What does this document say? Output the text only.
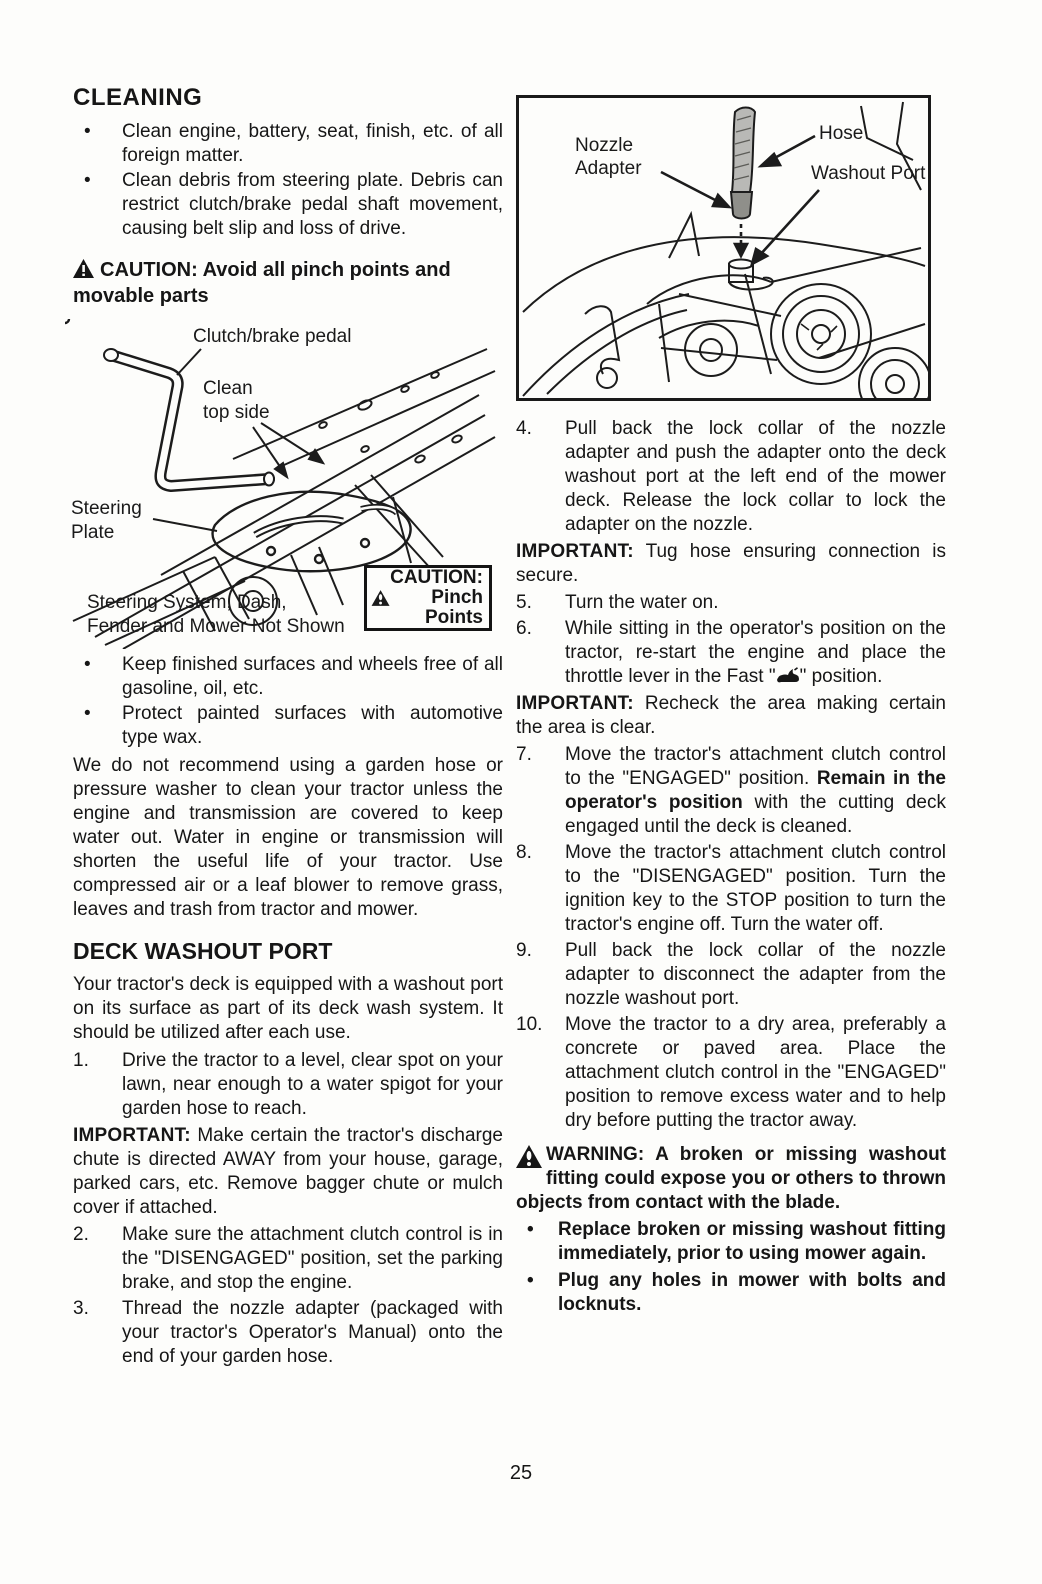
CLEANING
•	Clean engine, battery, seat, finish, etc. of all foreign matter.
•	Clean debris from steering plate. Debris can restrict clutch/brake pedal shaft movement, causing belt slip and loss of drive.
CAUTION: Avoid all pinch points and movable parts
Clutch/brake pedal
Clean top side
Steering Plate
Steering System, Dash,
Fender and Mower Not Shown
CAUTION:
Pinch
Points
•	Keep finished surfaces and wheels free of all gasoline, oil, etc.
•	Protect painted surfaces with automotive type wax.
We do not recommend using a garden hose or pressure washer to clean your tractor unless the engine and transmission are covered to keep water out. Water in engine or transmission will shorten the useful life of your tractor. Use compressed air or a leaf blower to remove grass, leaves and trash from tractor and mower.
DECK WASHOUT PORT
Your tractor's deck is equipped with a washout port on its surface as part of its deck wash system. It should be utilized after each use.
1.	Drive the tractor to a level, clear spot on your lawn, near enough to a water spigot for your garden hose to reach.
IMPORTANT: Make certain the tractor's discharge chute is directed AWAY from your house, garage, parked cars, etc. Remove bagger chute or mulch cover if attached.
2.	Make sure the attachment clutch control is in the "DISENGAGED" position, set the parking brake, and stop the engine.
3.	Thread the nozzle adapter (packaged with your tractor's Operator's Manual) onto the end of your garden hose.
Nozzle Adapter
Hose
Washout Port
4.	Pull back the lock collar of the nozzle adapter and push the adapter onto the deck washout port at the left end of the mower deck. Release the lock collar to lock the adapter on the nozzle.
IMPORTANT: Tug hose ensuring connection is secure.
5.	Turn the water on.
6.	While sitting in the operator's position on the tractor, re-start the engine and place the throttle lever in the Fast " " position.
IMPORTANT: Recheck the area making certain the area is clear.
7.	Move the tractor's attachment clutch control to the "ENGAGED" position. Remain in the operator's position with the cutting deck engaged until the deck is cleaned.
8.	Move the tractor's attachment clutch control to the "DISENGAGED" position. Turn the ignition key to the STOP position to turn the tractor's engine off. Turn the water off.
9.	Pull back the lock collar of the nozzle adapter to disconnect the adapter from the nozzle washout port.
10.	Move the tractor to a dry area, preferably a concrete or paved area. Place the attachment clutch control in the "ENGAGED" position to remove excess water and to help dry before putting the tractor away.
WARNING: A broken or missing washout fitting could expose you or others to thrown objects from contact with the blade.
•	Replace broken or missing washout fitting immediately, prior to using mower again.
•	Plug any holes in mower with bolts and locknuts.
25
